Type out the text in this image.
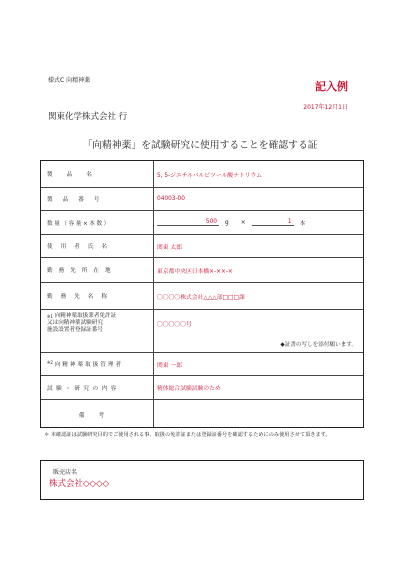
様式C 向精神薬	記入例
2017年12月1日
関東化学株式会社 行
「向精神薬」を試験研究に使用することを確認する証
製品名	5, 5-ジエチルバルビツール酸ナトリウム
製品番号	04003-00
数量（容量×本数）	500	g ×	1	本
使用者氏名	関東 太郎
勤務先所在地	東京都中央区日本橋×-××-×
勤務先名称	〇〇〇〇株式会社△△△部□□□課
$^{※1}$ 向精神薬取扱業者免許証
又は向精神薬試験研究
施設設置者登録証番号
〇〇〇〇〇号
◆証書の写しを添付願います。
$^{※2}$ 向精神薬取扱管理者	関東 一郎
試験・研究の内容	精体総合試験試験のため
備考
＊ 本確認証は試験研究目的でご使用される事、取扱の免許証または登録証番号を確認するためにのみ使用させて頂きます。
販売店名
株式会社◇◇◇◇
